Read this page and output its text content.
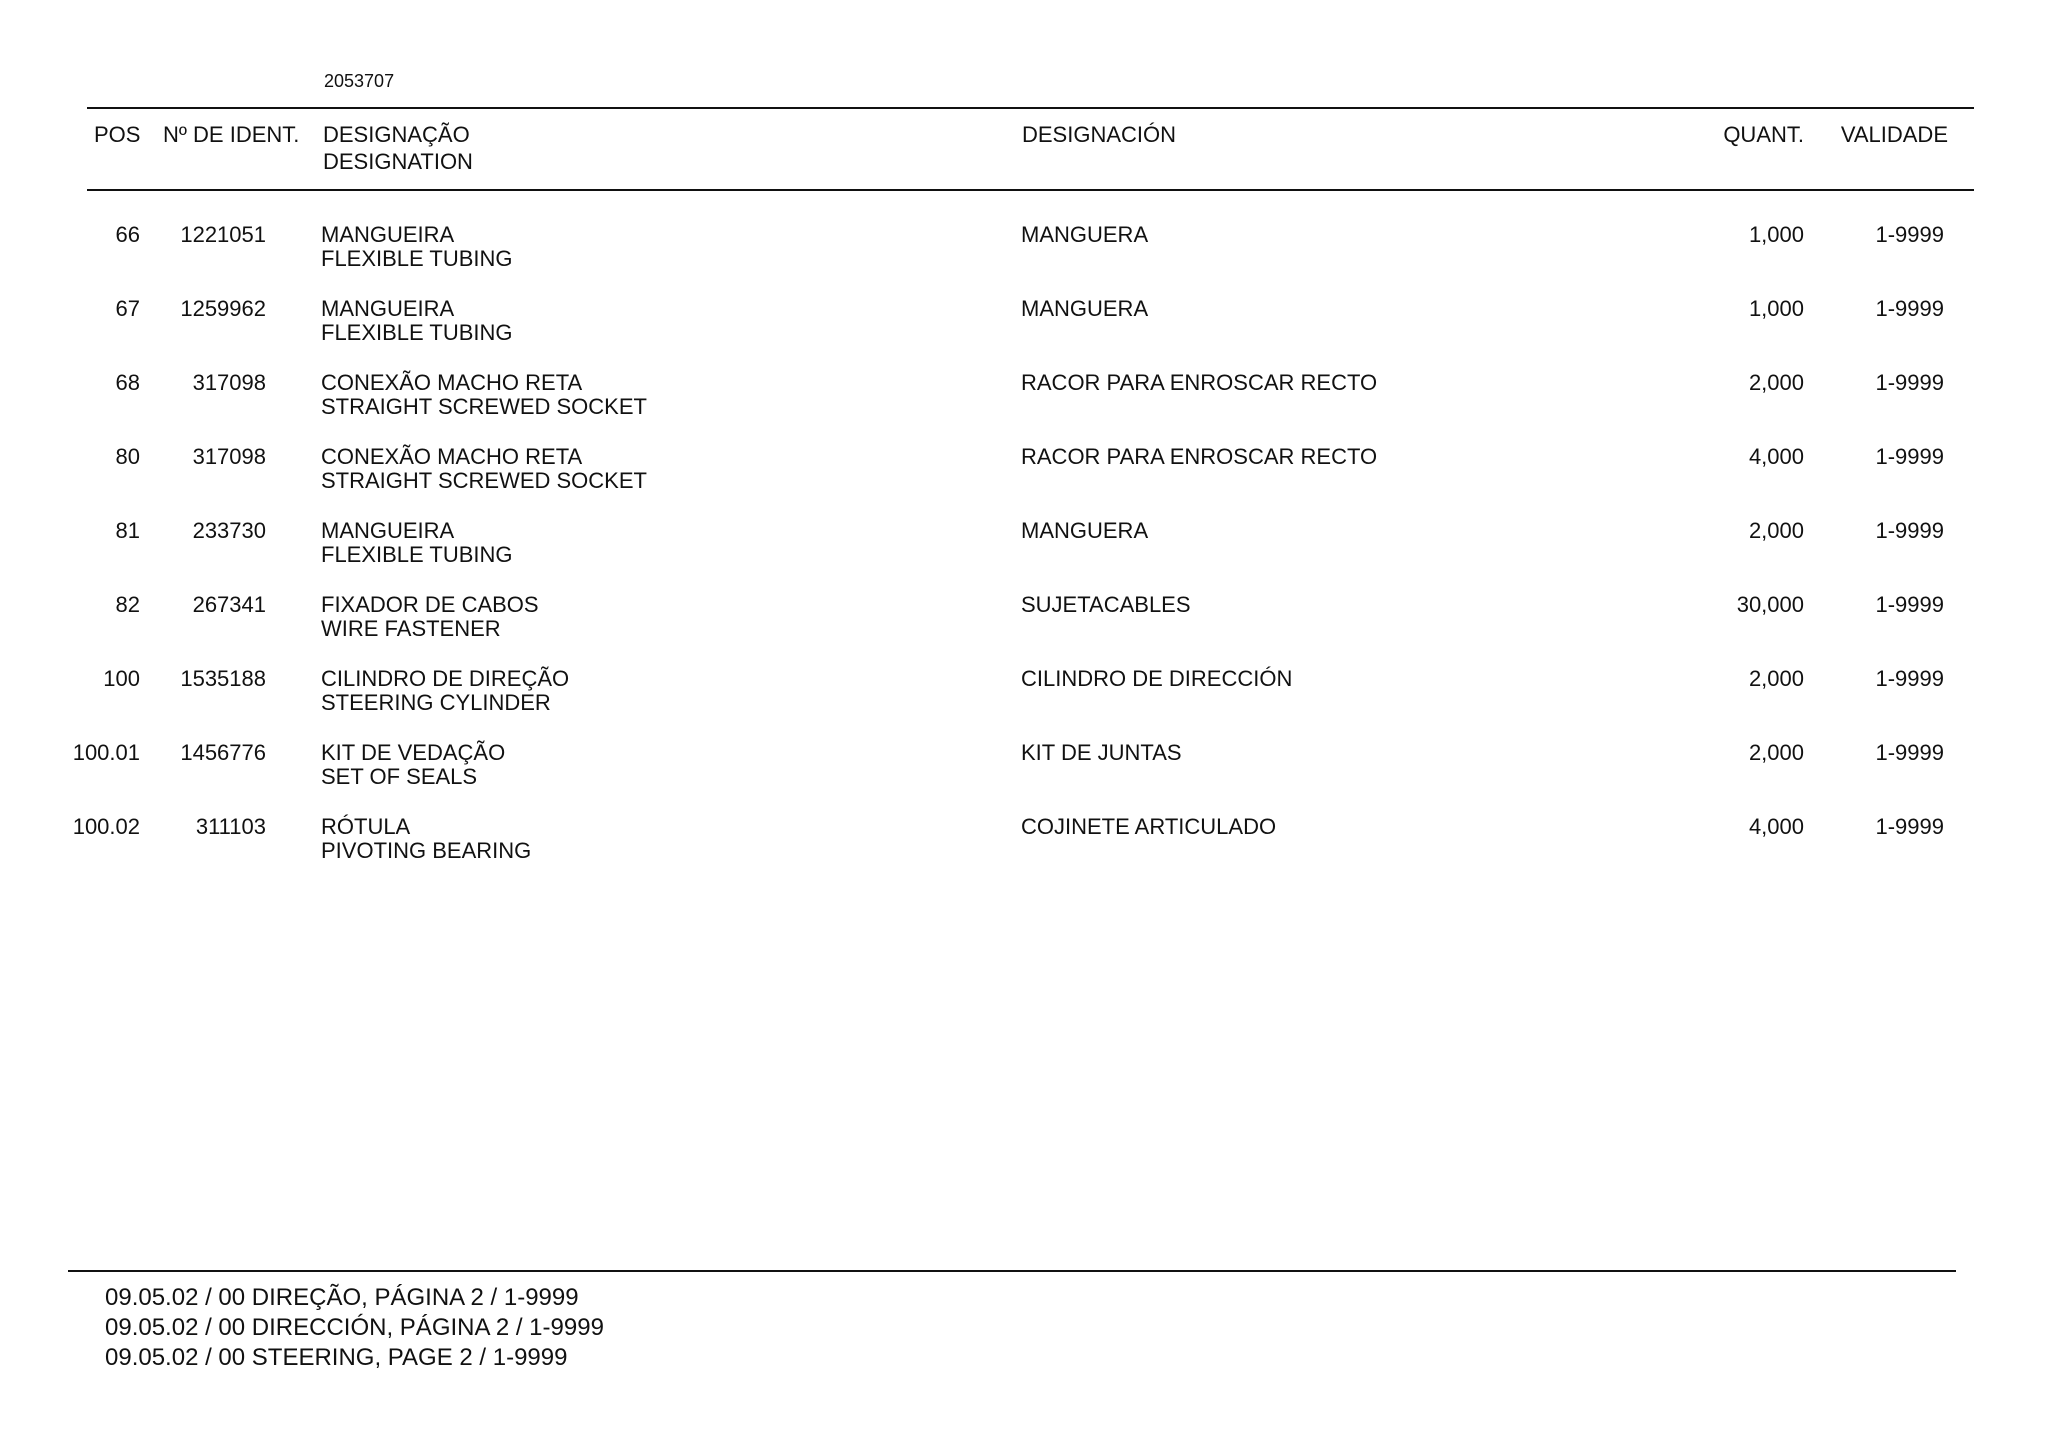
2053707
POS Nº DE IDENT. DESIGNAÇÃO
DESIGNATION
DESIGNACIÓN	QUANT.	VALIDADE
66	1221051	MANGUEIRA
FLEXIBLE TUBING
MANGUERA	1,000	1-9999
67	1259962	MANGUEIRA
FLEXIBLE TUBING
MANGUERA	1,000	1-9999
68	317098	CONEXÃO MACHO RETA
STRAIGHT SCREWED SOCKET
RACOR PARA ENROSCAR RECTO	2,000	1-9999
80	317098	CONEXÃO MACHO RETA
STRAIGHT SCREWED SOCKET
RACOR PARA ENROSCAR RECTO	4,000	1-9999
81	233730	MANGUEIRA
FLEXIBLE TUBING
MANGUERA	2,000	1-9999
82	267341	FIXADOR DE CABOS
WIRE FASTENER
SUJETACABLES	30,000	1-9999
100	1535188	CILINDRO DE DIREÇÃO
STEERING CYLINDER
CILINDRO DE DIRECCIÓN	2,000	1-9999
100.01	1456776	KIT DE VEDAÇÃO
SET OF SEALS
KIT DE JUNTAS	2,000	1-9999
100.02	311103	RÓTULA
PIVOTING BEARING
COJINETE ARTICULADO	4,000	1-9999
09.05.02 / 00 DIREÇÃO, PÁGINA 2 / 1-9999
09.05.02 / 00 DIRECCIÓN, PÁGINA 2 / 1-9999
09.05.02 / 00 STEERING, PAGE 2 / 1-9999
